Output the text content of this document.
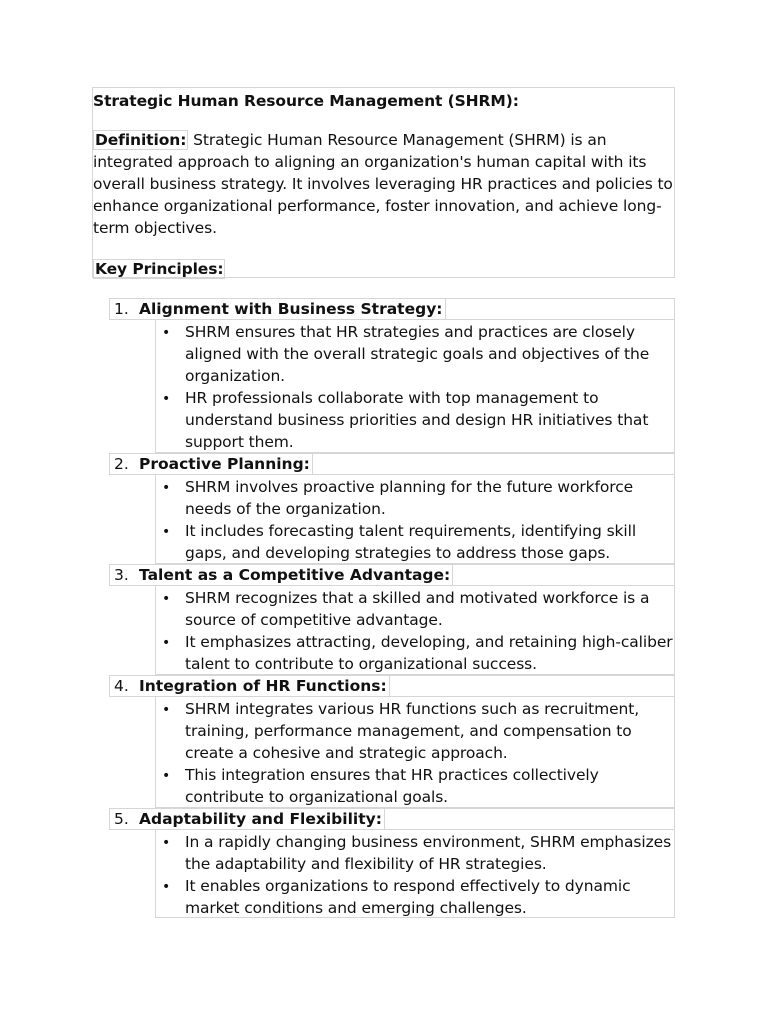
Strategic Human Resource Management (SHRM):
Definition: Strategic Human Resource Management (SHRM) is an
integrated approach to aligning an organization's human capital with its
overall business strategy. It involves leveraging HR practices and policies to
enhance organizational performance, foster innovation, and achieve long-
term objectives.
Key Principles:
1. Alignment with Business Strategy:
• SHRM ensures that HR strategies and practices are closely
aligned with the overall strategic goals and objectives of the
organization.
• HR professionals collaborate with top management to
understand business priorities and design HR initiatives that
support them.
2. Proactive Planning:
• SHRM involves proactive planning for the future workforce
needs of the organization.
• It includes forecasting talent requirements, identifying skill
gaps, and developing strategies to address those gaps.
3. Talent as a Competitive Advantage:
• SHRM recognizes that a skilled and motivated workforce is a
source of competitive advantage.
• It emphasizes attracting, developing, and retaining high-caliber
talent to contribute to organizational success.
4. Integration of HR Functions:
• SHRM integrates various HR functions such as recruitment,
training, performance management, and compensation to
create a cohesive and strategic approach.
• This integration ensures that HR practices collectively
contribute to organizational goals.
5. Adaptability and Flexibility:
• In a rapidly changing business environment, SHRM emphasizes
the adaptability and flexibility of HR strategies.
• It enables organizations to respond effectively to dynamic
market conditions and emerging challenges.
